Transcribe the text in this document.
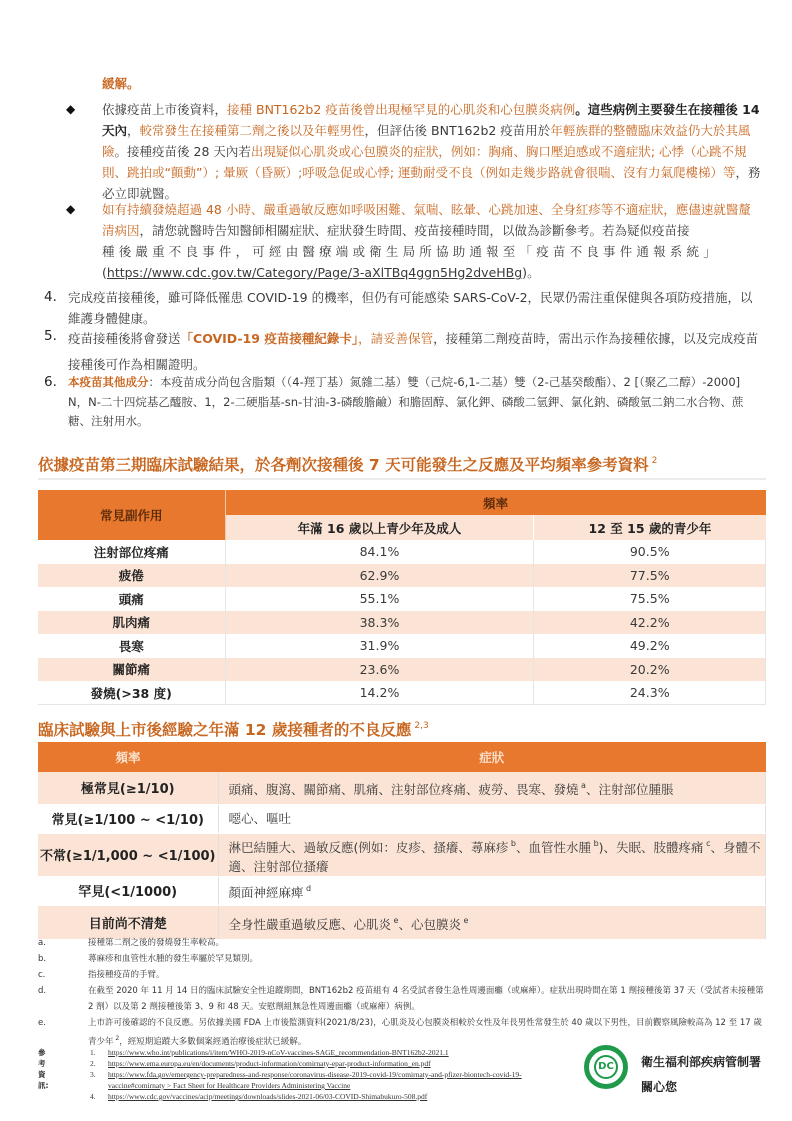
緩解。
◆ 依據疫苗上市後資料，接種 BNT162b2 疫苗後曾出現極罕見的心肌炎和心包膜炎病例。這些病例主要發生在接種後 14 天內，較常發生在接種第二劑之後以及年輕男性，但評估後 BNT162b2 疫苗用於年輕族群的整體臨床效益仍大於其風險。接種疫苗後 28 天內若出現疑似心肌炎或心包膜炎的症狀，例如：胸痛、胸口壓迫感或不適症狀; 心悸（心跳不規則、跳拍或“顫動”）; 暈厥（昏厥）;呼吸急促或心悸; 運動耐受不良（例如走幾步路就會很喘、沒有力氣爬樓梯）等，務必立即就醫。
◆ 如有持續發燒超過 48 小時、嚴重過敏反應如呼吸困難、氣喘、眩暈、心跳加速、全身紅疹等不適症狀，應儘速就醫釐清病因，請您就醫時告知醫師相關症狀、症狀發生時間、疫苗接種時間，以做為診斷參考。若為疑似疫苗接
種後嚴重不良事件，可經由醫療端或衛生局所協助通報至「疫苗不良事件通報系統」
(https://www.cdc.gov.tw/Category/Page/3-aXlTBq4ggn5Hg2dveHBg)。
4. 完成疫苗接種後，雖可降低罹患 COVID-19 的機率，但仍有可能感染 SARS-CoV-2，民眾仍需注重保健與各項防疫措施，以維護身體健康。
5. 疫苗接種後將會發送「COVID-19 疫苗接種紀錄卡」，請妥善保管，接種第二劑疫苗時，需出示作為接種依據，以及完成疫苗接種後可作為相關證明。
6. 本疫苗其他成分：本疫苗成分尚包含脂類（（4-羥丁基）氮雜二基）雙（己烷-6,1-二基）雙（2-己基癸酸酯）、2 [（聚乙二醇）-2000] N，N-二十四烷基乙醯胺、1，2-二硬脂基-sn-甘油-3-磷酸膽鹼）和膽固醇、氯化鉀、磷酸二氫鉀、氯化鈉、磷酸氫二鈉二水合物、蔗糖、注射用水。
依據疫苗第三期臨床試驗結果，於各劑次接種後 7 天可能發生之反應及平均頻率參考資料 $^2$
常見副作用	頻率	
	年滿 16 歲以上青少年及成人	12 至 15 歲的青少年
注射部位疼痛	84.1%	90.5%
疲倦	62.9%	77.5%
頭痛	55.1%	75.5%
肌肉痛	38.3%	42.2%
畏寒	31.9%	49.2%
關節痛	23.6%	20.2%
發燒(>38 度)	14.2%	24.3%
臨床試驗與上市後經驗之年滿 12 歲接種者的不良反應 $^{2,3}$
頻率	症狀
極常見(≥1/10)	頭痛、腹瀉、關節痛、肌痛、注射部位疼痛、疲勞、畏寒、發燒 $^a$、注射部位腫脹
常見(≥1/100 ~ <1/10)	噁心、嘔吐
不常(≥1/1,000 ~ <1/100)	淋巴結腫大、過敏反應(例如：皮疹、搔癢、蕁麻疹 $^b$、血管性水腫 $^b$)、失眠、肢體疼痛 $^c$、身體不適、注射部位搔癢
罕見(<1/1000)	顏面神經麻痺 $^d$
目前尚不清楚	全身性嚴重過敏反應、心肌炎 $^e$、心包膜炎 $^e$
a.	接種第二劑之後的發燒發生率較高。
b.	蕁麻疹和血管性水腫的發生率屬於罕見類別。
c.	指接種疫苗的手臂。
d.	在截至 2020 年 11 月 14 日的臨床試驗安全性追蹤期間，BNT162b2 疫苗組有 4 名受試者發生急性周邊面癱（或麻痺）。症狀出現時間在第 1 劑接種後第 37 天（受試者未接種第 2 劑）以及第 2 劑接種後第 3、9 和 48 天。安慰劑組無急性周邊面癱（或麻痺）病例。
e.	上市許可後確認的不良反應。另依據美國 FDA 上市後監測資料(2021/8/23)，心肌炎及心包膜炎相較於女性及年長男性常發生於 40 歲以下男性，目前觀察風險較高為 12 至 17 歲青少年 $^2$，經短期追蹤大多數個案經過治療後症狀已緩解。
參考資訊:
1. https://www.who.int/publications/i/item/WHO-2019-nCoV-vaccines-SAGE_recommendation-BNT162b2-2021.1
2. https://www.ema.europa.eu/en/documents/product-information/comirnaty-epar-product-information_en.pdf
3. https://www.fda.gov/emergency-preparedness-and-response/coronavirus-disease-2019-covid-19/comirnaty-and-pfizer-biontech-covid-19-vaccine#comirnaty > Fact Sheet for Healthcare Providers Administering Vaccine
4. https://www.cdc.gov/vaccines/acip/meetings/downloads/slides-2021-06/03-COVID-Shimabukuro-508.pdf
DC	衛生福利部疾病管制署
關心您
